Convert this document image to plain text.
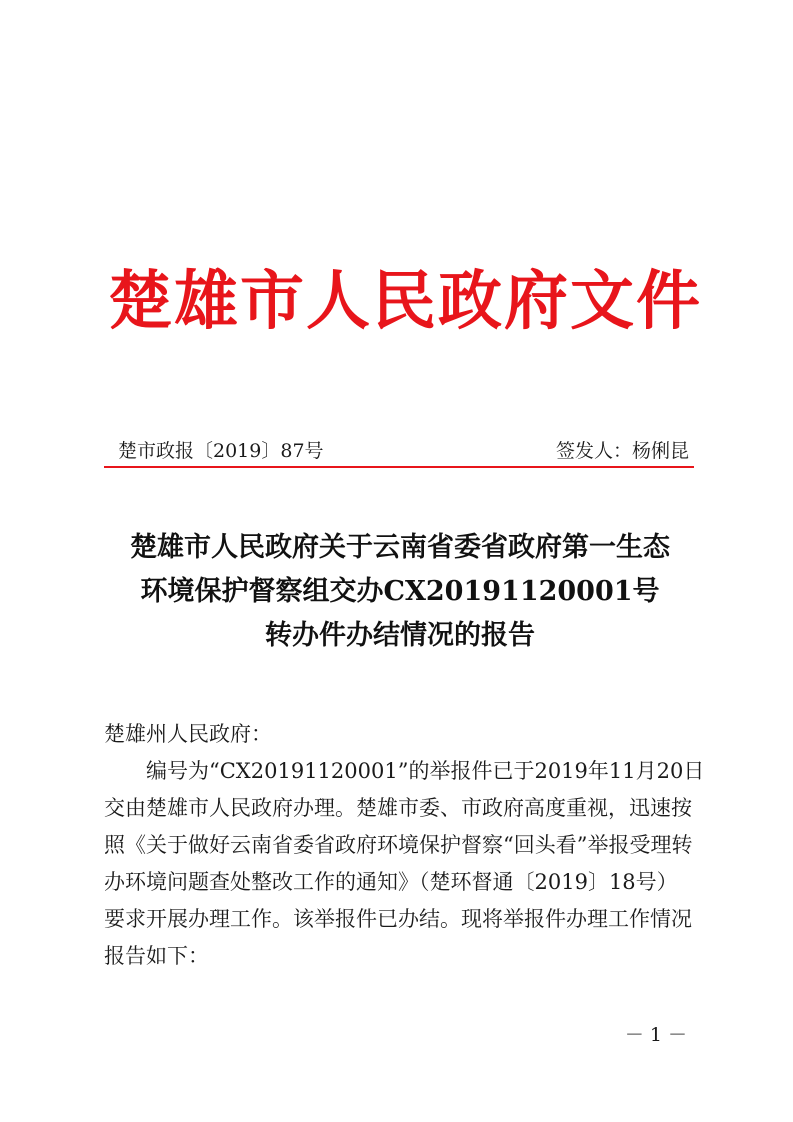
楚雄市人民政府文件
楚市政报〔2019〕87号	签发人：杨俐昆
楚雄市人民政府关于云南省委省政府第一生态
环境保护督察组交办CX20191120001号
转办件办结情况的报告
楚雄州人民政府：
编号为“CX20191120001”的举报件已于2019年11月20日
交由楚雄市人民政府办理。楚雄市委、市政府高度重视，迅速按
照《关于做好云南省委省政府环境保护督察“回头看”举报受理转
办环境问题查处整改工作的通知》（楚环督通〔2019〕18号）
要求开展办理工作。该举报件已办结。现将举报件办理工作情况
报告如下：
－ 1 －
